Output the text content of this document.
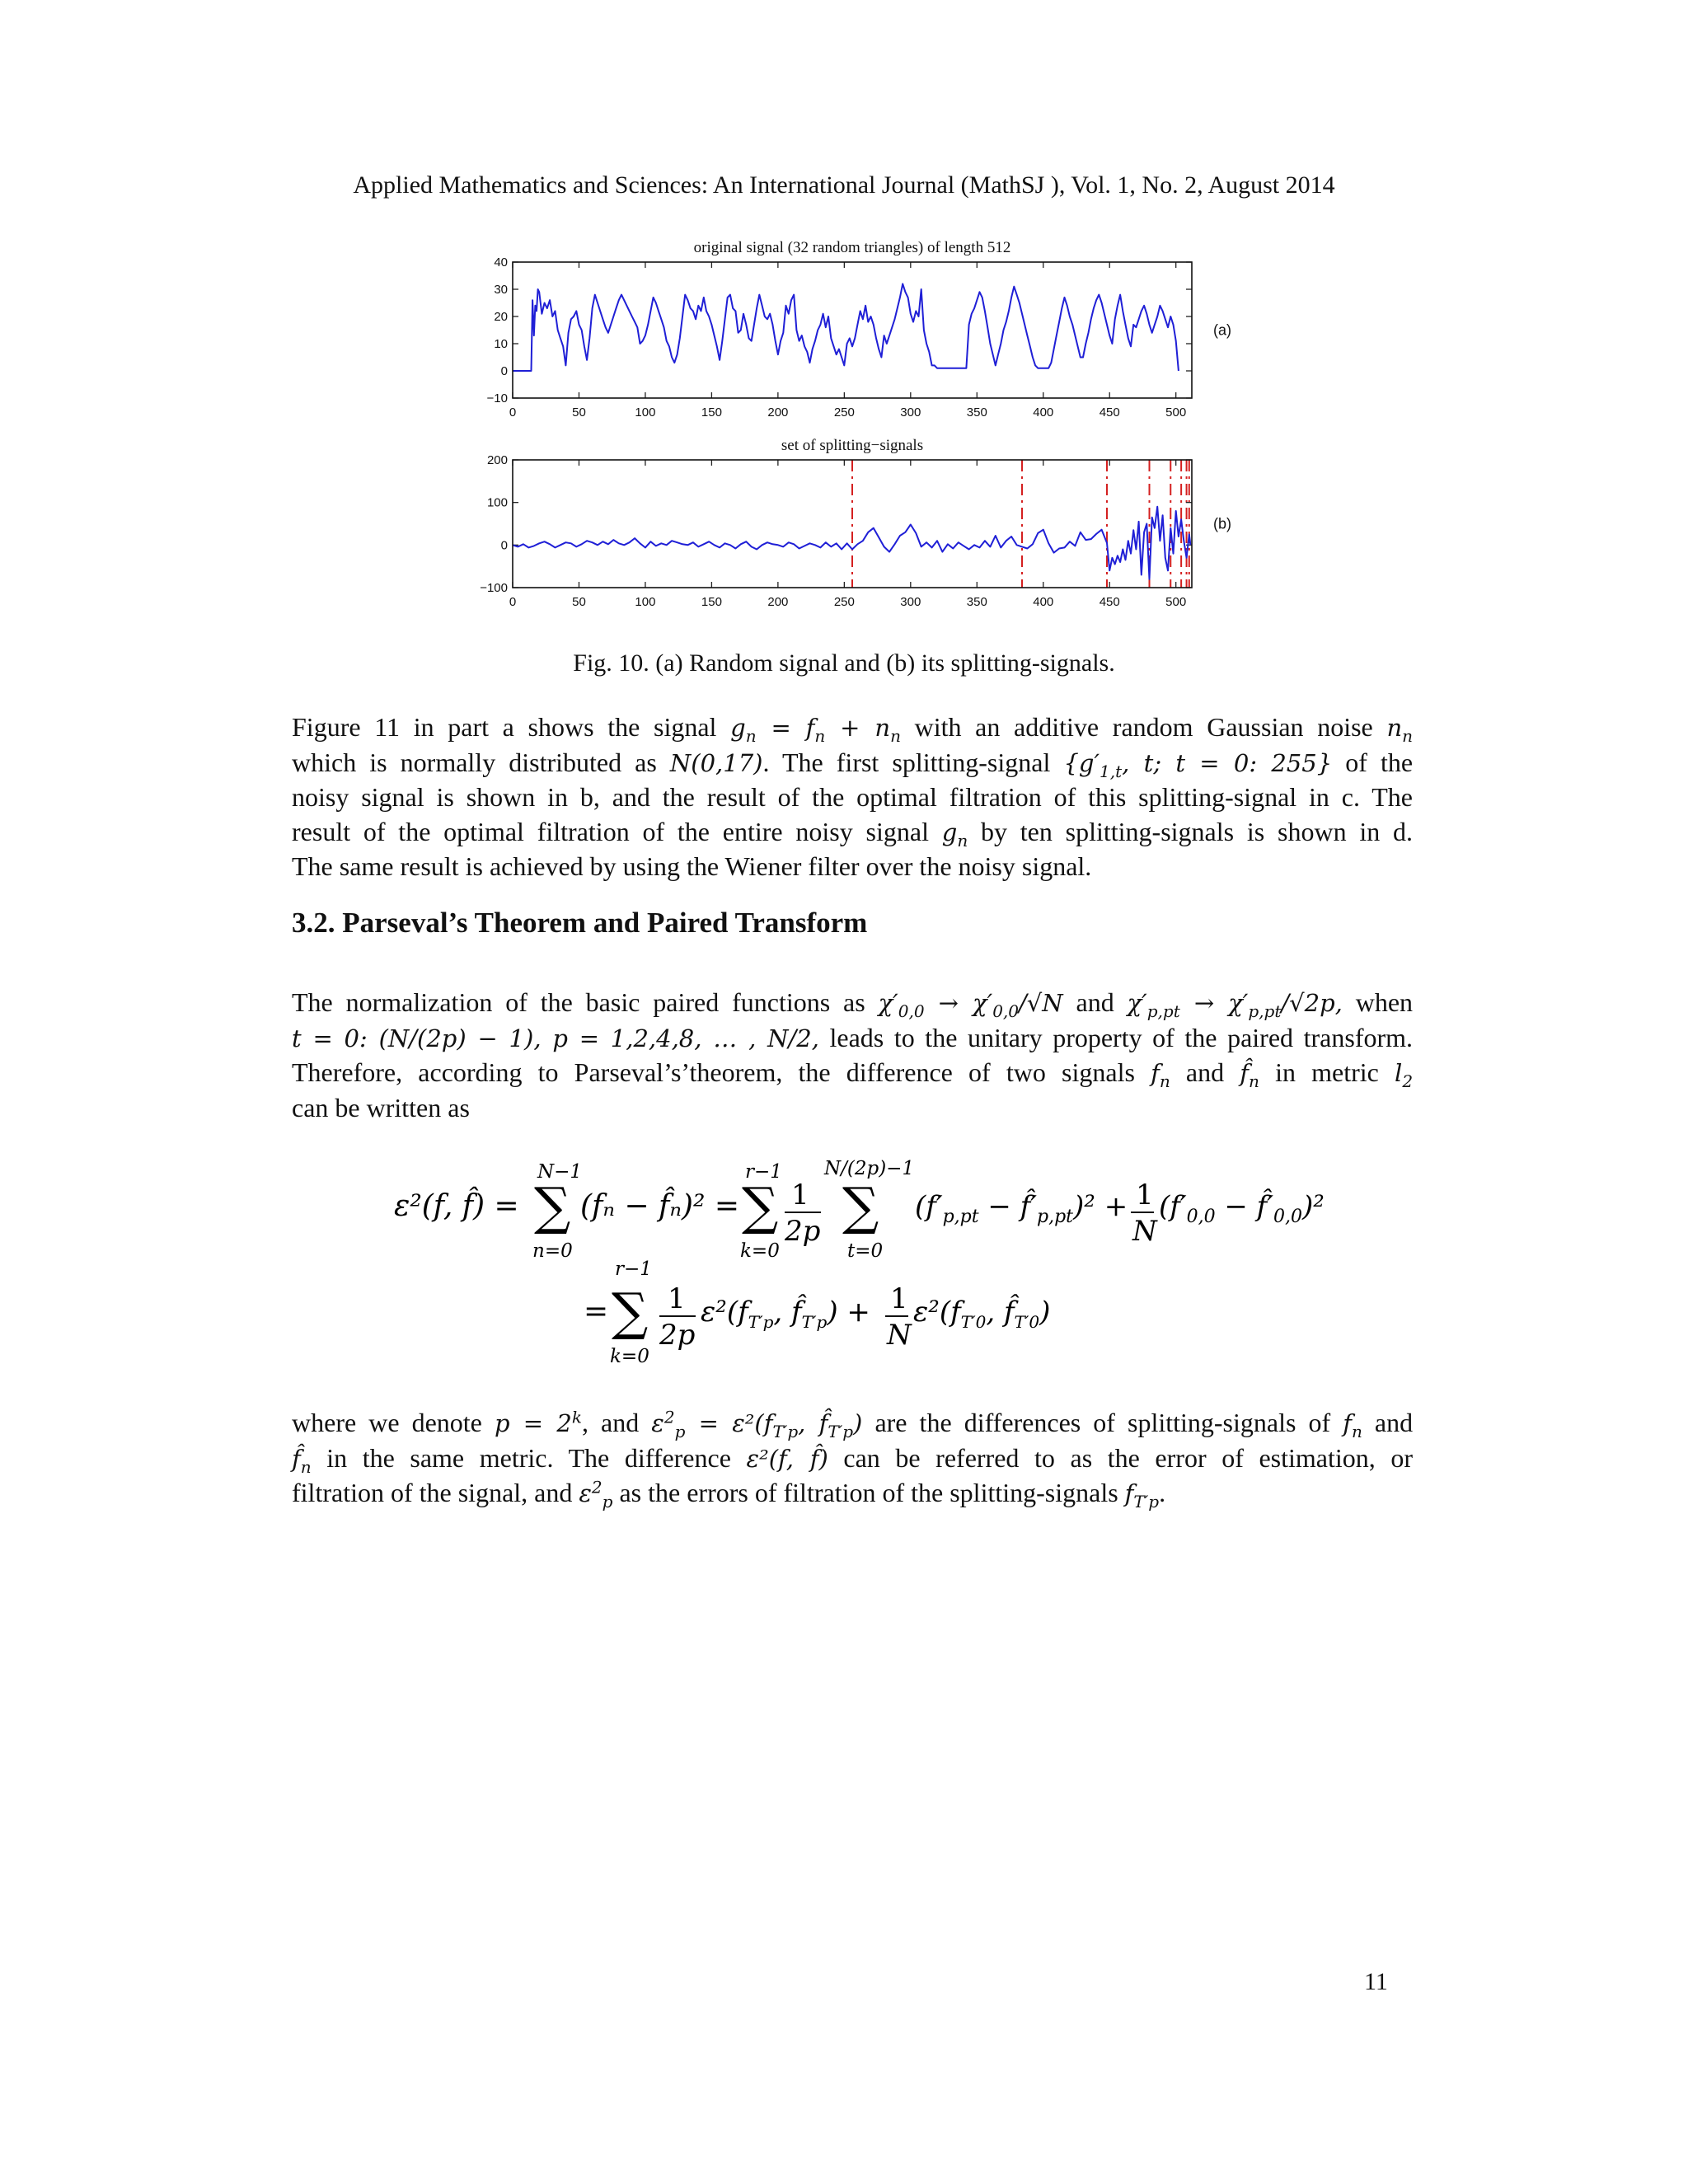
Applied Mathematics and Sciences: An International Journal (MathSJ ), Vol. 1, No. 2, August 2014
original signal (32 random triangles) of length 512
0	50	100	150	200	250	300	350	400	450	500
−10
0
10
20
30
40
(a)
set of splitting−signals
0	50	100	150	200	250	300	350	400	450	500
−100
0
100
200
(b)
Fig. 10. (a) Random signal and (b) its splitting-signals.
Figure 11 in part a shows the signal $g_n = f_n + n_n$ with an additive random Gaussian noise $n_n$
which is normally distributed as N(0,17). The first splitting-signal {$g'_{1,t}$, t; t = 0: 255} of the
noisy signal is shown in b, and the result of the optimal filtration of this splitting-signal in c. The
result of the optimal filtration of the entire noisy signal $g_n$ by ten splitting-signals is shown in d.
The same result is achieved by using the Wiener filter over the noisy signal.
3.2. Parseval’s Theorem and Paired Transform
The normalization of the basic paired functions as $\chi'_{0,0} \to \chi'_{0,0}/√N$ and $\chi'_{p,pt} \to \chi'_{p,pt}/√2p$, when
t = 0: (N/(2p) − 1), p = 1,2,4,8, … , N/2, leads to the unitary property of the paired transform.
Therefore, according to Parseval’s’theorem, the difference of two signals $f_n$ and $f̂_n$ in metric $l_2$
can be written as
ε²(f, f̂) =
N−1
∑
n=0
(fₙ − f̂ₙ)² =
r−1
∑
k=0
1
2p
N/(2p)−1
∑
t=0
($f'_{p,pt}$ − $f̂'_{p,pt})^2 + 1$
N
($f'_{0,0}$ − $f̂'_{0,0})^2$
=
r−1
∑
k=0
1
2p
$\varepsilon^2(f_{T'p}$, $f̂_{T'p}) + 1$
N
$\varepsilon^2(f_{T'0}$, $f̂_{T'0}$)
where we denote $p = 2^k$, and $\varepsilon^2_p = \varepsilon^2(f_{T'p}$, $f̂_{T'p}$) are the differences of splitting-signals of $f_n$ and
$f̂_n$ in the same metric. The difference ε²(f, f̂) can be referred to as the error of estimation, or
filtration of the signal, and $\varepsilon^2_p$ as the errors of filtration of the splitting-signals $f_{T'p}$.
11
